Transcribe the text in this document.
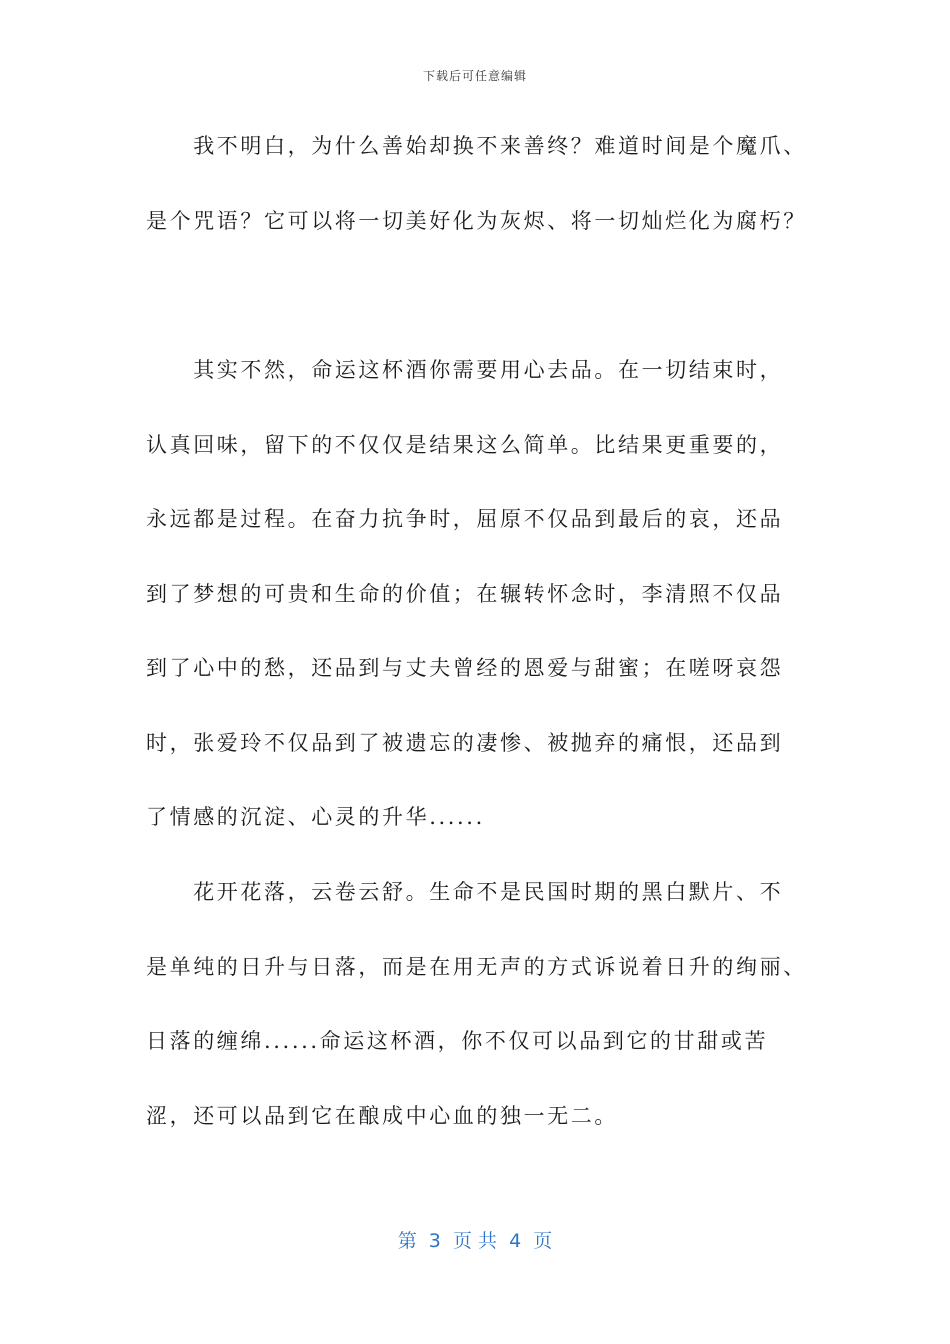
下载后可任意编辑
　　我不明白，为什么善始却换不来善终？难道时间是个魔爪、
是个咒语？它可以将一切美好化为灰烬、将一切灿烂化为腐朽？
　　其实不然，命运这杯酒你需要用心去品。在一切结束时，
认真回味，留下的不仅仅是结果这么简单。比结果更重要的，
永远都是过程。在奋力抗争时，屈原不仅品到最后的哀，还品
到了梦想的可贵和生命的价值；在辗转怀念时，李清照不仅品
到了心中的愁，还品到与丈夫曾经的恩爱与甜蜜；在嗟呀哀怨
时，张爱玲不仅品到了被遗忘的凄惨、被抛弃的痛恨，还品到
了情感的沉淀、心灵的升华......
　　花开花落，云卷云舒。生命不是民国时期的黑白默片、不
是单纯的日升与日落，而是在用无声的方式诉说着日升的绚丽、
日落的缠绵......命运这杯酒，你不仅可以品到它的甘甜或苦
涩，还可以品到它在酿成中心血的独一无二。
第  3  页 共  4  页
